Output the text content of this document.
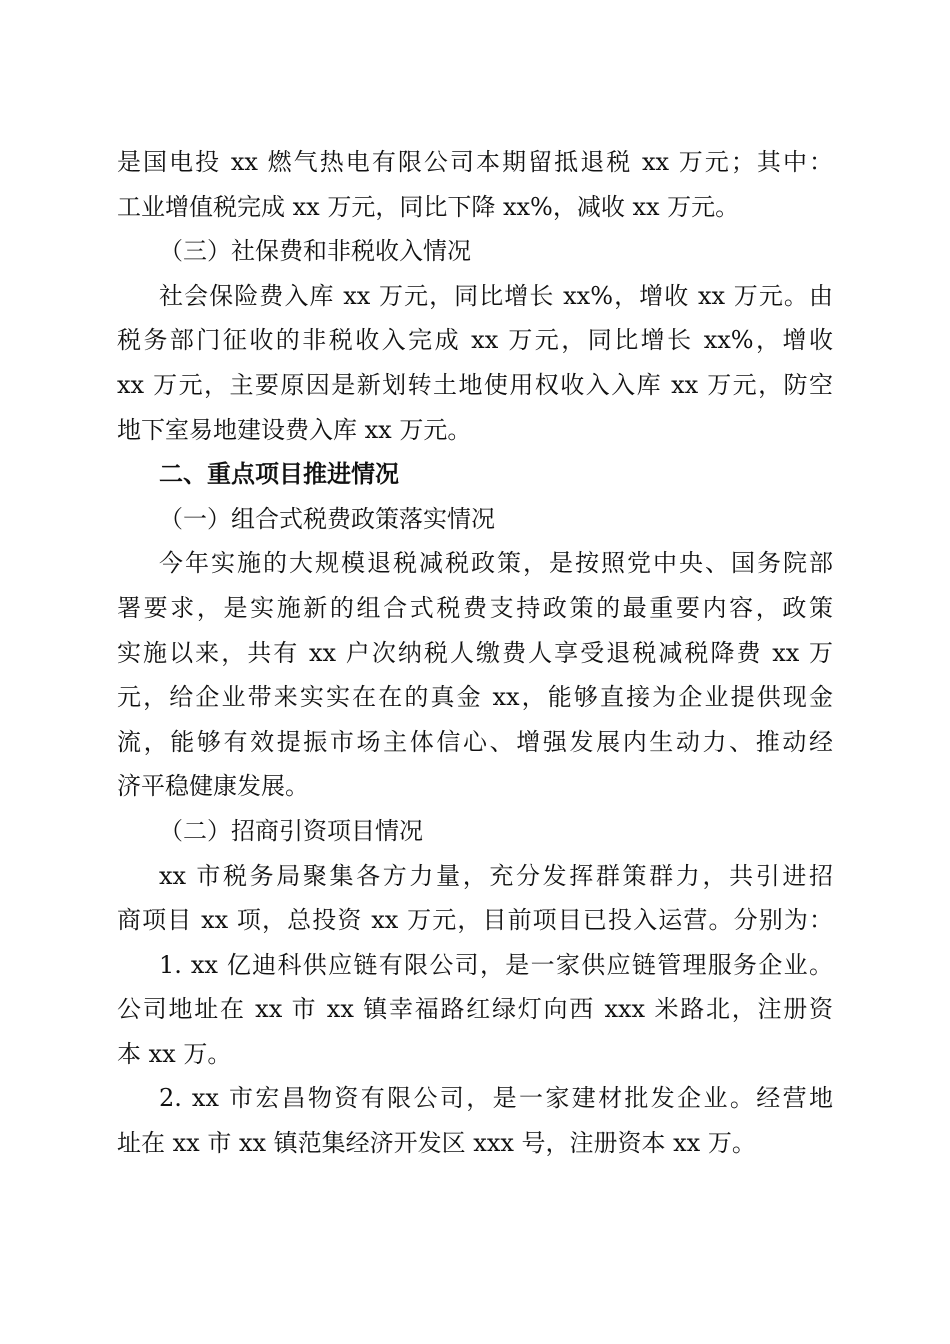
是国电投 xx 燃气热电有限公司本期留抵退税 xx 万元；其中：
工业增值税完成 xx 万元，同比下降 xx%，减收 xx 万元。
（三）社保费和非税收入情况
社会保险费入库 xx 万元，同比增长 xx%，增收 xx 万元。由
税务部门征收的非税收入完成 xx 万元，同比增长 xx%，增收
xx 万元，主要原因是新划转土地使用权收入入库 xx 万元，防空
地下室易地建设费入库 xx 万元。
二、重点项目推进情况
（一）组合式税费政策落实情况
今年实施的大规模退税减税政策，是按照党中央、国务院部
署要求，是实施新的组合式税费支持政策的最重要内容，政策
实施以来，共有 xx 户次纳税人缴费人享受退税减税降费 xx 万
元，给企业带来实实在在的真金 xx，能够直接为企业提供现金
流，能够有效提振市场主体信心、增强发展内生动力、推动经
济平稳健康发展。
（二）招商引资项目情况
xx 市税务局聚集各方力量，充分发挥群策群力，共引进招
商项目 xx 项，总投资 xx 万元，目前项目已投入运营。分别为：
1. xx 亿迪科供应链有限公司，是一家供应链管理服务企业。
公司地址在 xx 市 xx 镇幸福路红绿灯向西 xxx 米路北，注册资
本 xx 万。
2. xx 市宏昌物资有限公司，是一家建材批发企业。经营地
址在 xx 市 xx 镇范集经济开发区 xxx 号，注册资本 xx 万。
